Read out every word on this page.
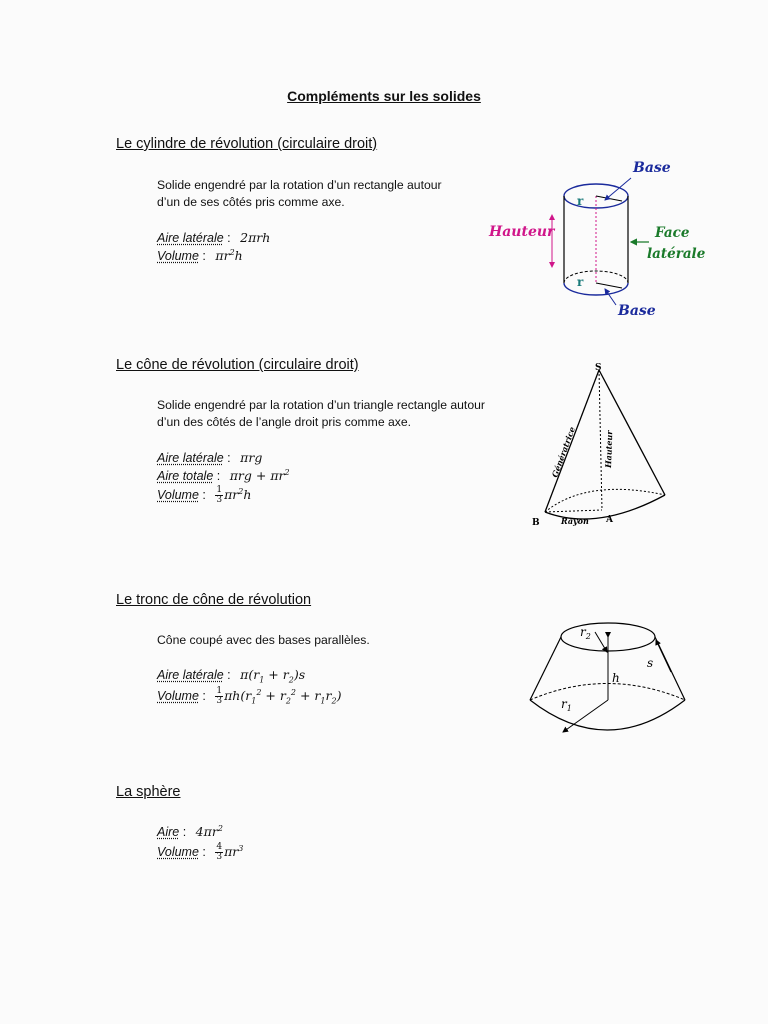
Compléments sur les solides
Le cylindre de révolution (circulaire droit)
Solide engendré par la rotation d’un rectangle autour
d’un de ses côtés pris comme axe.
Aire latérale : 2πrh
Volume : $\pi r^2h$
r
r
Hauteur
Base
Base
Face
latérale
Le cône de révolution (circulaire droit)
Solide engendré par la rotation d’un triangle rectangle autour
d’un des côtés de l’angle droit pris comme axe.
Aire latérale : πrg
Aire totale : $\pi rg + \pi r^2$
Volume : $\frac{1}{3} \pi r^2h$
S
B	A
Rayon
Génératrice	Hauteur
Le tronc de cône de révolution
Cône coupé avec des bases parallèles.
Aire latérale : $\pi(r_1 + r_2)s$
Volume : $\frac{1}{3} \pi h(r_1^2 + r_2^2 + r_1r_2)$
$r_2$
$r_1$
h
s
La sphère
Aire : $4\pi r^2$
Volume : $\frac{4}{3} \pi r^3$
